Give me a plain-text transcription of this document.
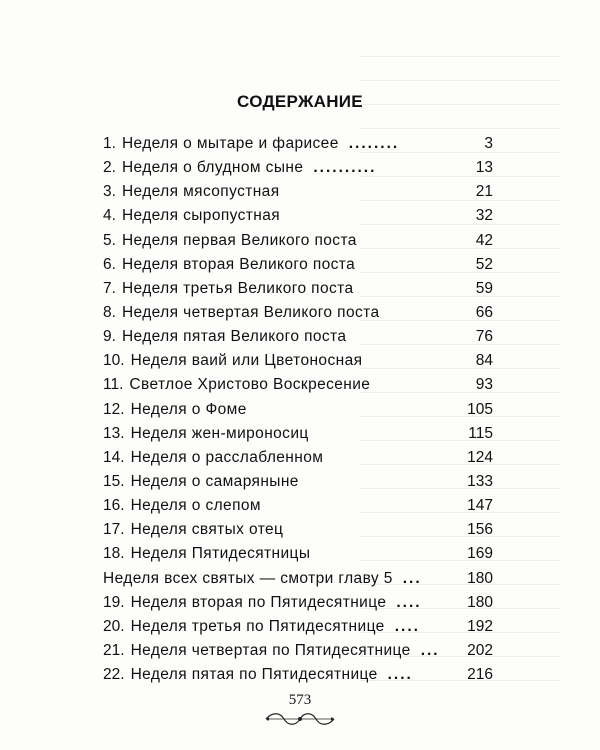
СОДЕРЖАНИЕ
1. Неделя о мытаре и фарисее ........	3
2. Неделя о блудном сыне ..........	13
3. Неделя мясопустная	21
4. Неделя сыропустная	32
5. Неделя первая Великого поста	42
6. Неделя вторая Великого поста	52
7. Неделя третья Великого поста	59
8. Неделя четвертая Великого поста	66
9. Неделя пятая Великого поста	76
10. Неделя ваий или Цветоносная	84
11. Светлое Христово Воскресение	93
12. Неделя о Фоме	105
13. Неделя жен-мироносиц	115
14. Неделя о расслабленном	124
15. Неделя о самарянынe	133
16. Неделя о слепом	147
17. Неделя святых отец	156
18. Неделя Пятидесятницы	169
Неделя всех святых — смотри главу 5 ...	180
19. Неделя вторая по Пятидесятнице ....	180
20. Неделя третья по Пятидесятнице ....	192
21. Неделя четвертая по Пятидесятнице ... 202
22. Неделя пятая по Пятидесятнице ....	216
573
